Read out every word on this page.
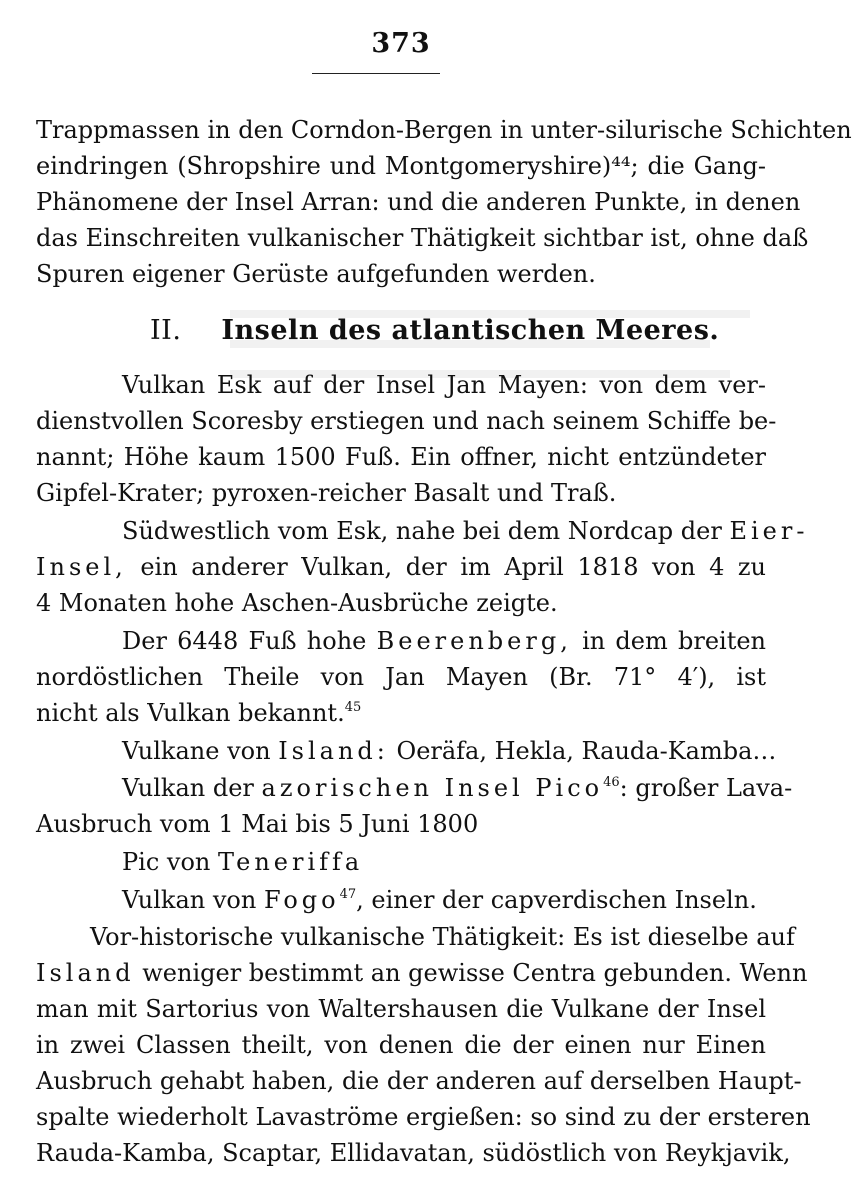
373
Trappmassen in den Corndon-Bergen in unter-silurische Schichten
eindringen (Shropshire und Montgomeryshire)⁴⁴; die Gang-
Phänomene der Insel Arran: und die anderen Punkte, in denen
das Einschreiten vulkanischer Thätigkeit sichtbar ist, ohne daß
Spuren eigener Gerüste aufgefunden werden.
II. Inseln des atlantischen Meeres.
Vulkan Esk auf der Insel Jan Mayen: von dem ver-
dienstvollen Scoresby erstiegen und nach seinem Schiffe be-
nannt; Höhe kaum 1500 Fuß. Ein offner, nicht entzündeter
Gipfel-Krater; pyroxen-reicher Basalt und Traß.
Südwestlich vom Esk, nahe bei dem Nordcap der Eier-
Insel, ein anderer Vulkan, der im April 1818 von 4 zu
4 Monaten hohe Aschen-Ausbrüche zeigte.
Der 6448 Fuß hohe Beerenberg, in dem breiten
nordöstlichen Theile von Jan Mayen (Br. 71° 4′), ist
nicht als Vulkan bekannt.$^{45}$
Vulkane von Island: Oeräfa, Hekla, Rauda-Kamba…
Vulkan der azorischen Insel Pico$^{46}$: großer Lava-
Ausbruch vom 1 Mai bis 5 Juni 1800
Pic von Teneriffa
Vulkan von Fogo$^{47}$, einer der capverdischen Inseln.
Vor-historische vulkanische Thätigkeit: Es ist dieselbe auf
Island weniger bestimmt an gewisse Centra gebunden. Wenn
man mit Sartorius von Waltershausen die Vulkane der Insel
in zwei Classen theilt, von denen die der einen nur Einen
Ausbruch gehabt haben, die der anderen auf derselben Haupt-
spalte wiederholt Lavaströme ergießen: so sind zu der ersteren
Rauda-Kamba, Scaptar, Ellidavatan, südöstlich von Reykjavik,
